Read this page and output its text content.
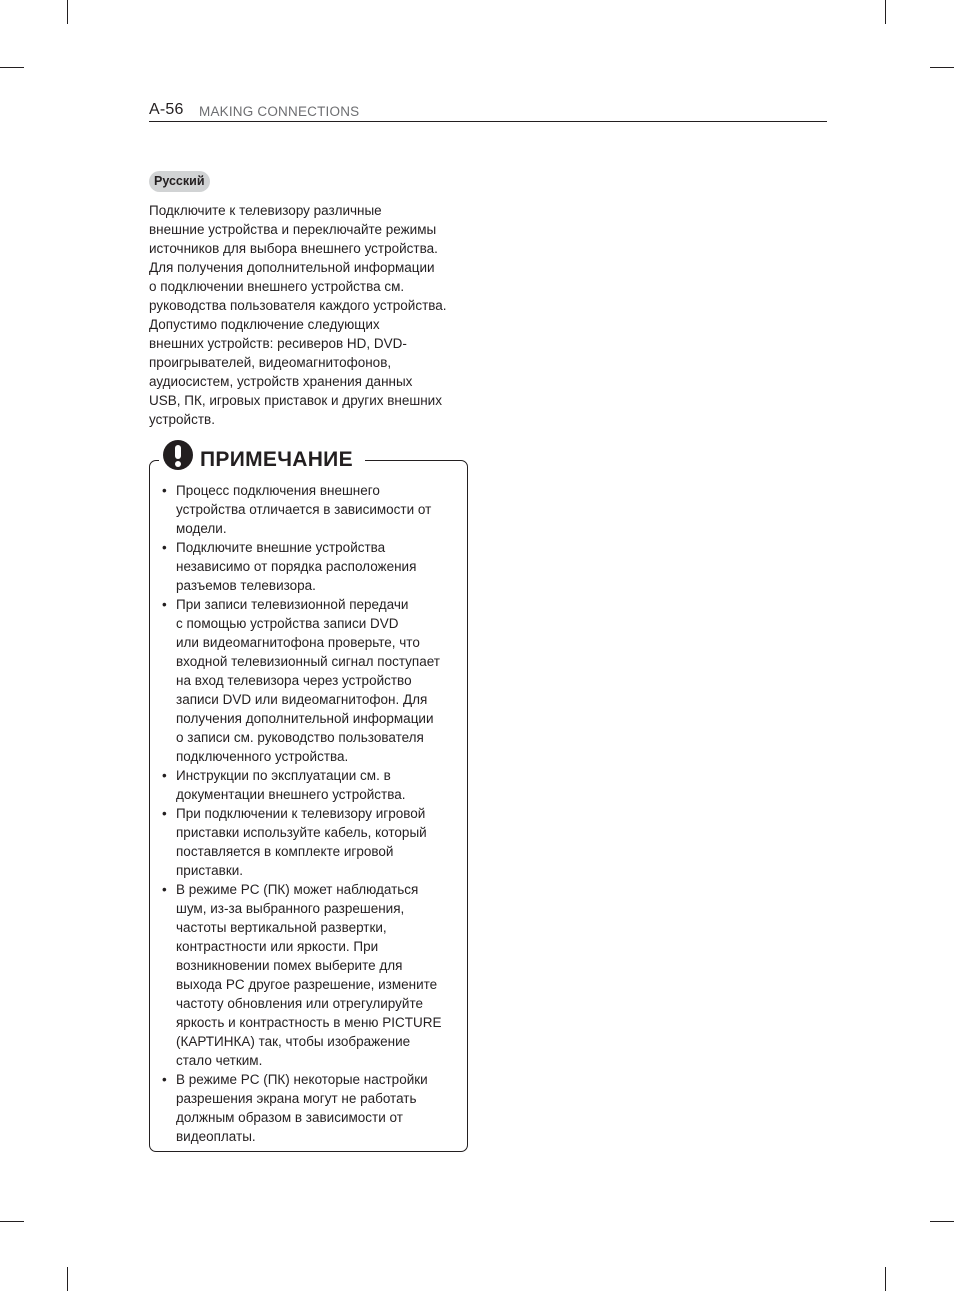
A-56 MAKING CONNECTIONS
Русский
Подключите к телевизору различные
внешние устройства и переключайте режимы
источников для выбора внешнего устройства.
Для получения дополнительной информации
о подключении внешнего устройства см.
руководства пользователя каждого устройства.
Допустимо подключение следующих
внешних устройств: ресиверов HD, DVD-
проигрывателей, видеомагнитофонов,
аудиосистем, устройств хранения данных
USB, ПК, игровых приставок и других внешних
устройств.
ПРИМЕЧАНИЕ
• Процесс подключения внешнего
устройства отличается в зависимости от
модели.
• Подключите внешние устройства
независимо от порядка расположения
разъемов телевизора.
• При записи телевизионной передачи
с помощью устройства записи DVD
или видеомагнитофона проверьте, что
входной телевизионный сигнал поступает
на вход телевизора через устройство
записи DVD или видеомагнитофон. Для
получения дополнительной информации
о записи см. руководство пользователя
подключенного устройства.
• Инструкции по эксплуатации см. в
документации внешнего устройства.
• При подключении к телевизору игровой
приставки используйте кабель, который
поставляется в комплекте игровой
приставки.
• В режиме PC (ПК) может наблюдаться
шум, из-за выбранного разрешения,
частоты вертикальной развертки,
контрастности или яркости. При
возникновении помех выберите для
выхода PC другое разрешение, измените
частоту обновления или отрегулируйте
яркость и контрастность в меню PICTURE
(КАРТИНКА) так, чтобы изображение
стало четким.
• В режиме PC (ПК) некоторые настройки
разрешения экрана могут не работать
должным образом в зависимости от
видеоплаты.
